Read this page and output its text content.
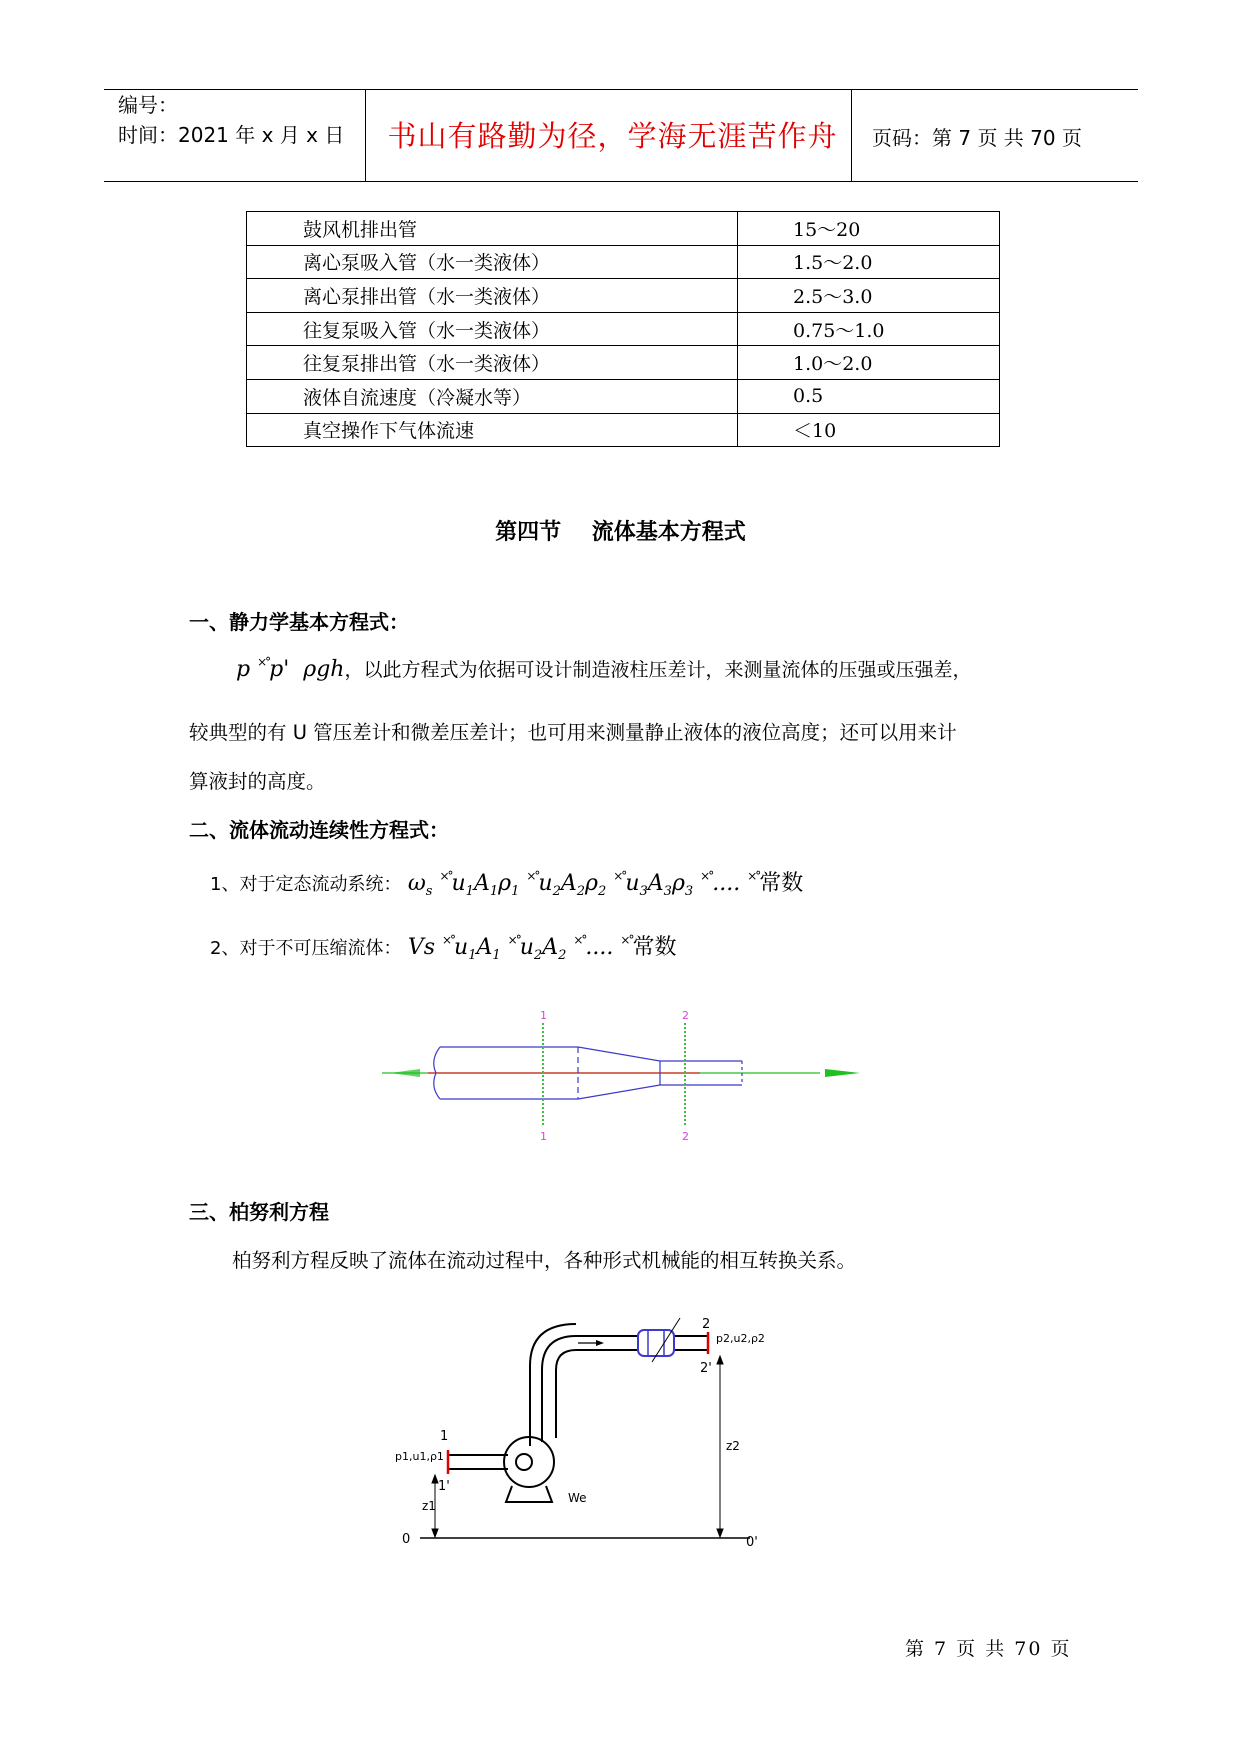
编号：
时间：2021 年 x 月 x 日	书山有路勤为径，学海无涯苦作舟	页码：第 7 页 共 70 页
鼓风机排出管	15～20
离心泵吸入管（水一类液体）	1.5～2.0
离心泵排出管（水一类液体）	2.5～3.0
往复泵吸入管（水一类液体）	0.75～1.0
往复泵排出管（水一类液体）	1.0～2.0
液体自流速度（冷凝水等）	0.5
真空操作下气体流速	＜10
第四节    流体基本方程式
一、静力学基本方程式：
p ×°p'  ρgh，以此方程式为依据可设计制造液柱压差计，来测量流体的压强或压强差，
较典型的有 U 管压差计和微差压差计；也可用来测量静止液体的液位高度；还可以用来计
算液封的高度。
二、流体流动连续性方程式：
1、对于定态流动系统： $\omega_s$ $^{\times^\circ}u_1A_1\rho_1$ $^{\times^\circ}u_2A_2\rho_2$ $^{\times^\circ}u_3A_3\rho_3$ ×°.... ×°常数
2、对于不可压缩流体： Vs $^{\times^\circ}u_1A_1$ $^{\times^\circ}u_2A_2$ ×°.... ×°常数
1
1
2
2
三、柏努利方程
柏努利方程反映了流体在流动过程中，各种形式机械能的相互转换关系。
2
p2,u2,ρ2
2'
1
p1,u1,ρ1
1'
z1
z2
We
0	0'
第 7 页 共 70 页
